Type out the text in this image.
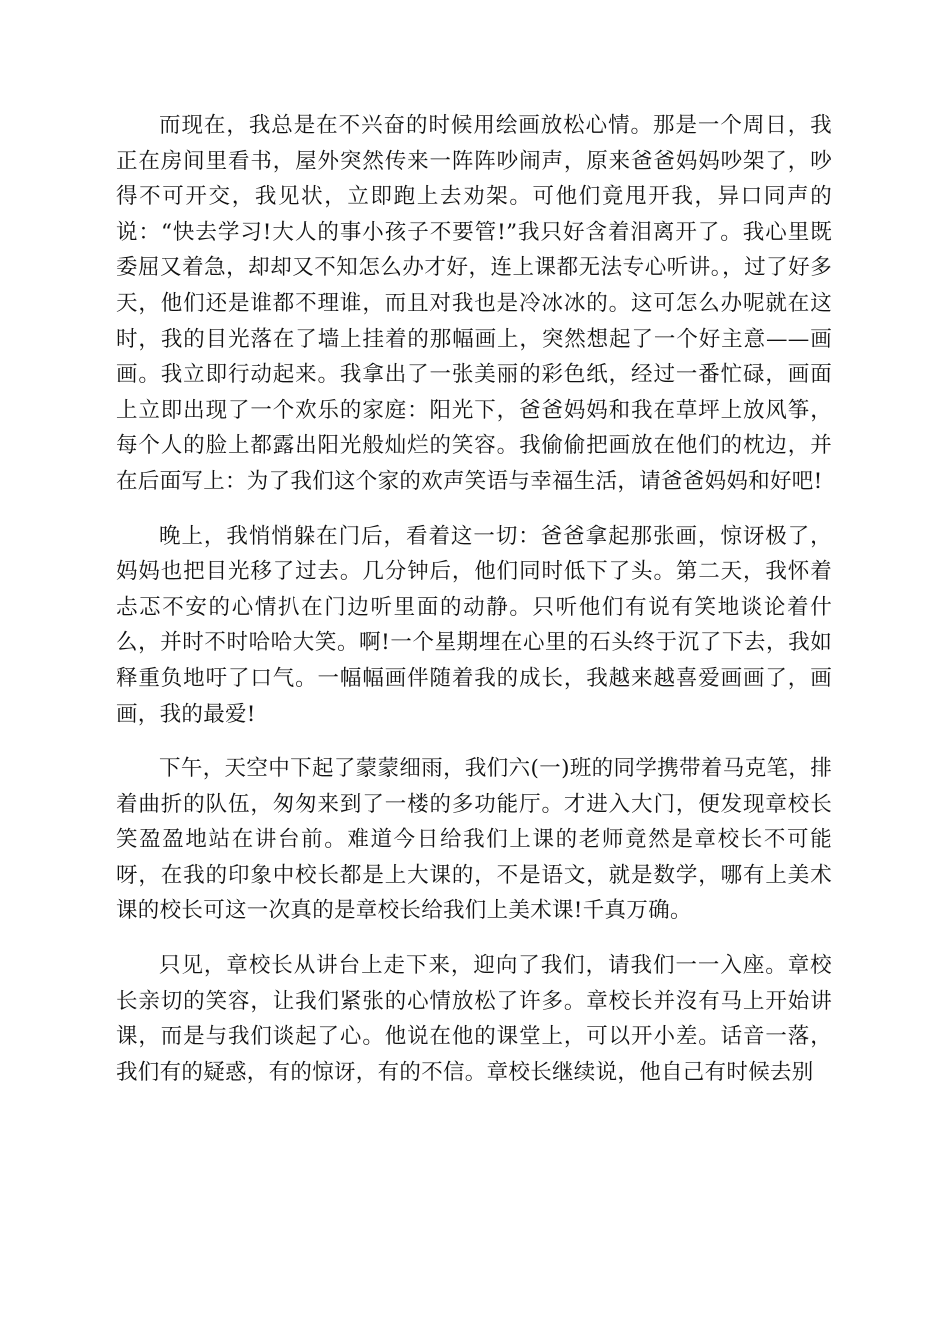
而现在，我总是在不兴奋的时候用绘画放松心情。那是一个周日，我正在房间里看书，屋外突然传来一阵阵吵闹声，原来爸爸妈妈吵架了，吵得不可开交，我见状，立即跑上去劝架。可他们竟甩开我，异口同声的说：“快去学习!大人的事小孩子不要管!”我只好含着泪离开了。我心里既委屈又着急，却却又不知怎么办才好，连上课都无法专心听讲。，过了好多天，他们还是谁都不理谁，而且对我也是冷冰冰的。这可怎么办呢就在这时，我的目光落在了墙上挂着的那幅画上，突然想起了一个好主意——画画。我立即行动起来。我拿出了一张美丽的彩色纸，经过一番忙碌，画面上立即出现了一个欢乐的家庭：阳光下，爸爸妈妈和我在草坪上放风筝，每个人的脸上都露出阳光般灿烂的笑容。我偷偷把画放在他们的枕边，并在后面写上：为了我们这个家的欢声笑语与幸福生活，请爸爸妈妈和好吧!

晚上，我悄悄躲在门后，看着这一切：爸爸拿起那张画，惊讶极了，妈妈也把目光移了过去。几分钟后，他们同时低下了头。第二天，我怀着忐忑不安的心情扒在门边听里面的动静。只听他们有说有笑地谈论着什么，并时不时哈哈大笑。啊!一个星期埋在心里的石头终于沉了下去，我如释重负地吁了口气。一幅幅画伴随着我的成长，我越来越喜爱画画了，画画，我的最爱!

下午，天空中下起了蒙蒙细雨，我们六(一)班的同学携带着马克笔，排着曲折的队伍，匆匆来到了一楼的多功能厅。才进入大门，便发现章校长笑盈盈地站在讲台前。难道今日给我们上课的老师竟然是章校长不可能呀，在我的印象中校长都是上大课的，不是语文，就是数学，哪有上美术课的校长可这一次真的是章校长给我们上美术课!千真万确。

只见，章校长从讲台上走下来，迎向了我们，请我们一一入座。章校长亲切的笑容，让我们紧张的心情放松了许多。章校长并沒有马上开始讲课，而是与我们谈起了心。他说在他的课堂上，可以开小差。话音一落，我们有的疑惑，有的惊讶，有的不信。章校长继续说，他自己有时候去别
